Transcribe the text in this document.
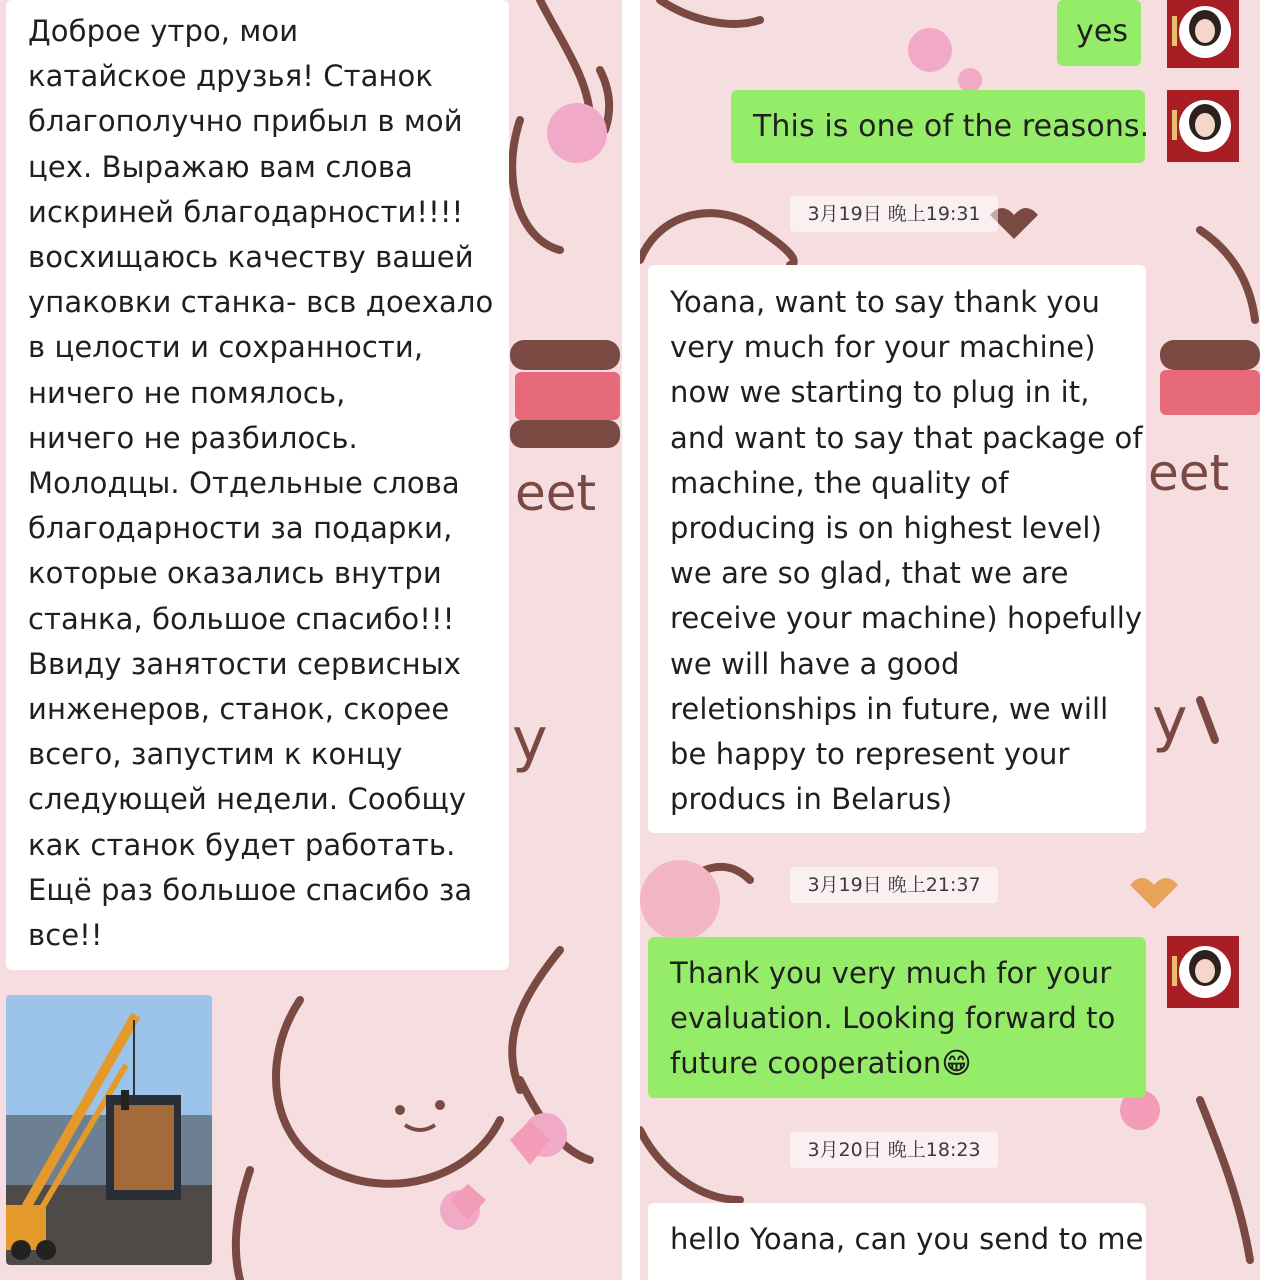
eet
y
Доброе утро, мои
катайское друзья! Станок
благополучно прибыл в мой
цех. Выражаю вам слова
искриней благодарности!!!!
восхищаюсь качеству вашей
упаковки станка- всв доехало
в целости и сохранности,
ничего не помялось,
ничего не разбилось.
Молодцы. Отдельные слова
благодарности за подарки,
которые оказались внутри
станка, большое спасибо!!!
Ввиду занятости сервисных
инженеров, станок, скорее
всего, запустим к концу
следующей недели. Сообщу
как станок будет работать.
Ещё раз большое спасибо за
все!!
eet
y
yes
This is one of the reasons.
3月19日 晚上19:31
Yoana, want to say thank you
very much for your machine)
now we starting to plug in it,
and want to say that package of
machine, the quality of
producing is on highest level)
we are so glad, that we are
receive your machine) hopefully
we will have a good
reletionships in future, we will
be happy to represent your
producs in Belarus)
3月19日 晚上21:37
Thank you very much for your
evaluation. Looking forward to
future cooperation😁
3月20日 晚上18:23
hello Yoana, can you send to me
